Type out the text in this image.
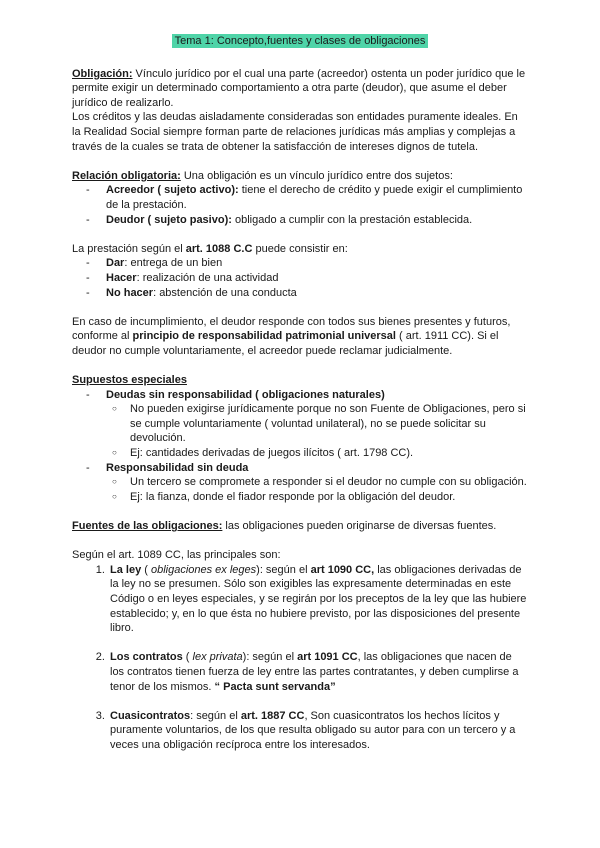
Tema 1: Concepto,fuentes y clases de obligaciones

Obligación: Vínculo jurídico por el cual una parte (acreedor) ostenta un poder jurídico que le permite exigir un determinado comportamiento a otra parte (deudor), que asume el deber jurídico de realizarlo.

Los créditos y las deudas aisladamente consideradas son entidades puramente ideales. En la Realidad Social siempre forman parte de relaciones jurídicas más amplias y complejas a través de la cuales se trata de obtener la satisfacción de intereses dignos de tutela.

Relación obligatoria: Una obligación es un vínculo jurídico entre dos sujetos:

- Acreedor ( sujeto activo): tiene el derecho de crédito y puede exigir el cumplimiento de la prestación.
- Deudor ( sujeto pasivo): obligado a cumplir con la prestación establecida.

La prestación según el art. 1088 C.C puede consistir en:

- Dar: entrega de un bien
- Hacer: realización de una actividad
- No hacer: abstención de una conducta

En caso de incumplimiento, el deudor responde con todos sus bienes presentes y futuros, conforme al principio de responsabilidad patrimonial universal ( art. 1911 CC). Si el deudor no cumple voluntariamente, el acreedor puede reclamar judicialmente.

Supuestos especiales

- Deudas sin responsabilidad ( obligaciones naturales)
○ No pueden exigirse jurídicamente porque no son Fuente de Obligaciones, pero si se cumple voluntariamente ( voluntad unilateral), no se puede solicitar su devolución.
○ Ej: cantidades derivadas de juegos ilícitos ( art. 1798 CC).
- Responsabilidad sin deuda
○ Un tercero se compromete a responder si el deudor no cumple con su obligación.
○ Ej: la fianza, donde el fiador responde por la obligación del deudor.

Fuentes de las obligaciones: las obligaciones pueden originarse de diversas fuentes.

Según el art. 1089 CC, las principales son:

1. La ley ( obligaciones ex leges): según el art 1090 CC, las obligaciones derivadas de la ley no se presumen. Sólo son exigibles las expresamente determinadas en este Código o en leyes especiales, y se regirán por los preceptos de la ley que las hubiere establecido; y, en lo que ésta no hubiere previsto, por las disposiciones del presente libro.
2. Los contratos ( lex privata): según el art 1091 CC, las obligaciones que nacen de los contratos tienen fuerza de ley entre las partes contratantes, y deben cumplirse a tenor de los mismos. “ Pacta sunt servanda”
3. Cuasicontratos: según el art. 1887 CC, Son cuasicontratos los hechos lícitos y puramente voluntarios, de los que resulta obligado su autor para con un tercero y a veces una obligación recíproca entre los interesados.
